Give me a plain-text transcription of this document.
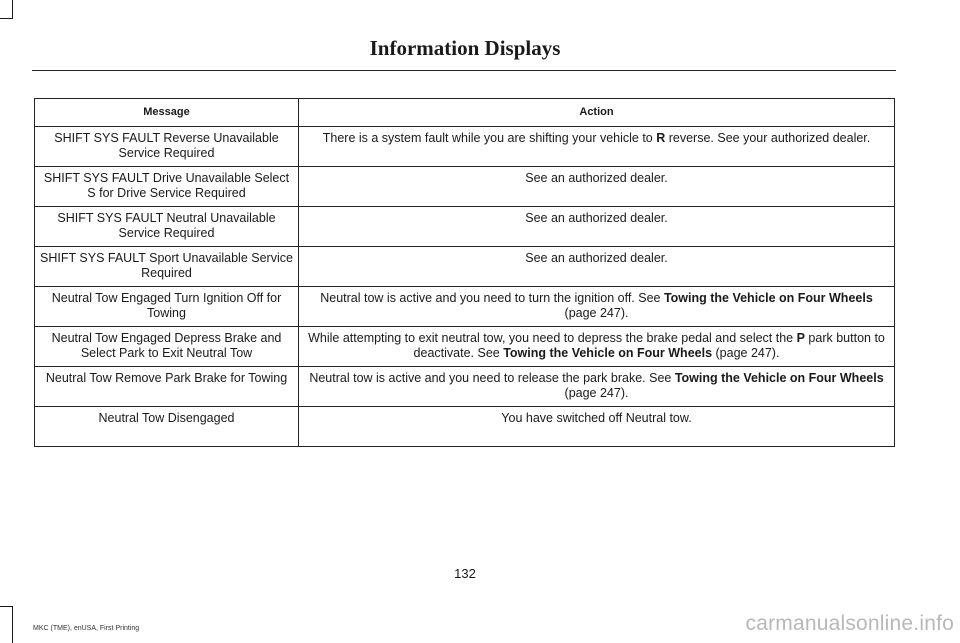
Information Displays
Message	Action
SHIFT SYS FAULT Reverse Unavailable Service Required	There is a system fault while you are shifting your vehicle to R reverse. See your authorized dealer.
SHIFT SYS FAULT Drive Unavailable Select S for Drive Service Required	See an authorized dealer.
SHIFT SYS FAULT Neutral Unavailable Service Required	See an authorized dealer.
SHIFT SYS FAULT Sport Unavailable Service Required	See an authorized dealer.
Neutral Tow Engaged Turn Ignition Off for Towing	Neutral tow is active and you need to turn the ignition off. See Towing the Vehicle on Four Wheels (page 247).
Neutral Tow Engaged Depress Brake and Select Park to Exit Neutral Tow	While attempting to exit neutral tow, you need to depress the brake pedal and select the P park button to deactivate. See Towing the Vehicle on Four Wheels (page 247).
Neutral Tow Remove Park Brake for Towing	Neutral tow is active and you need to release the park brake. See Towing the Vehicle on Four Wheels (page 247).
Neutral Tow Disengaged	You have switched off Neutral tow.
132
MKC (TME), enUSA, First Printing	carmanualsonline.info
